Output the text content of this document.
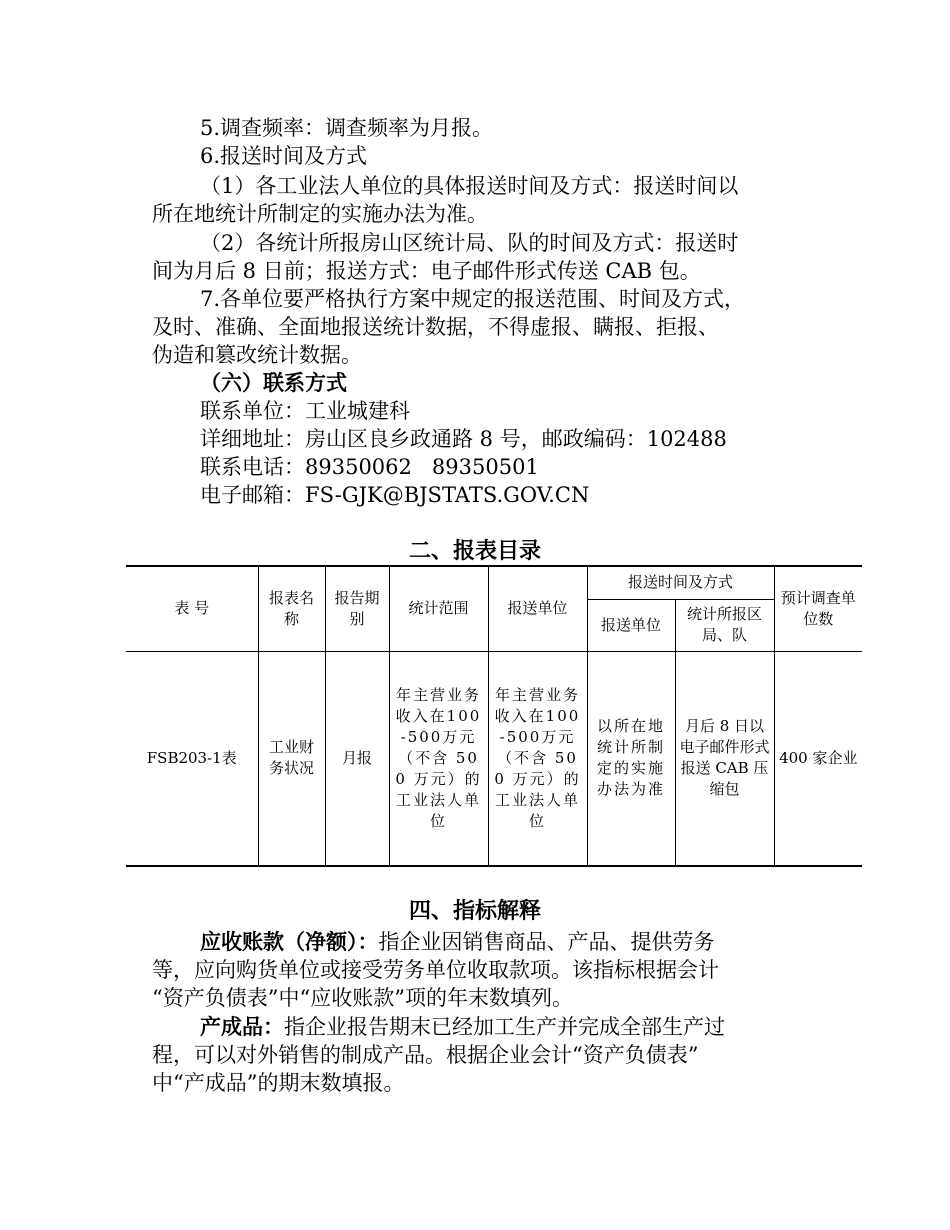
5.调查频率：调查频率为月报。
6.报送时间及方式
（1）各工业法人单位的具体报送时间及方式：报送时间以
所在地统计所制定的实施办法为准。
（2）各统计所报房山区统计局、队的时间及方式：报送时
间为月后 8 日前；报送方式：电子邮件形式传送 CAB 包。
7.各单位要严格执行方案中规定的报送范围、时间及方式，
及时、准确、全面地报送统计数据，不得虚报、瞒报、拒报、
伪造和篡改统计数据。
（六）联系方式
联系单位：工业城建科
详细地址：房山区良乡政通路 8 号，邮政编码：102488
联系电话：89350062   89350501
电子邮箱：FS-GJK@BJSTATS.GOV.CN
二、报表目录
表 号	报表名称	报告期别	统计范围	报送单位	报送时间及方式		预计调查单位数
					报送单位	统计所报区局、队	
FSB203-1表	工业财务状况	月报	年主营业务收入在100-500万元（不含 500 万元）的工业法人单位	年主营业务收入在100-500万元（不含 500 万元）的工业法人单位	以所在地统计所制定的实施办法为准	月后 8 日以电子邮件形式报送 CAB 压缩包	400 家企业
四、指标解释
应收账款（净额）：指企业因销售商品、产品、提供劳务
等，应向购货单位或接受劳务单位收取款项。该指标根据会计
“资产负债表”中“应收账款”项的年末数填列。
产成品：指企业报告期末已经加工生产并完成全部生产过
程，可以对外销售的制成产品。根据企业会计“资产负债表”
中“产成品”的期末数填报。
